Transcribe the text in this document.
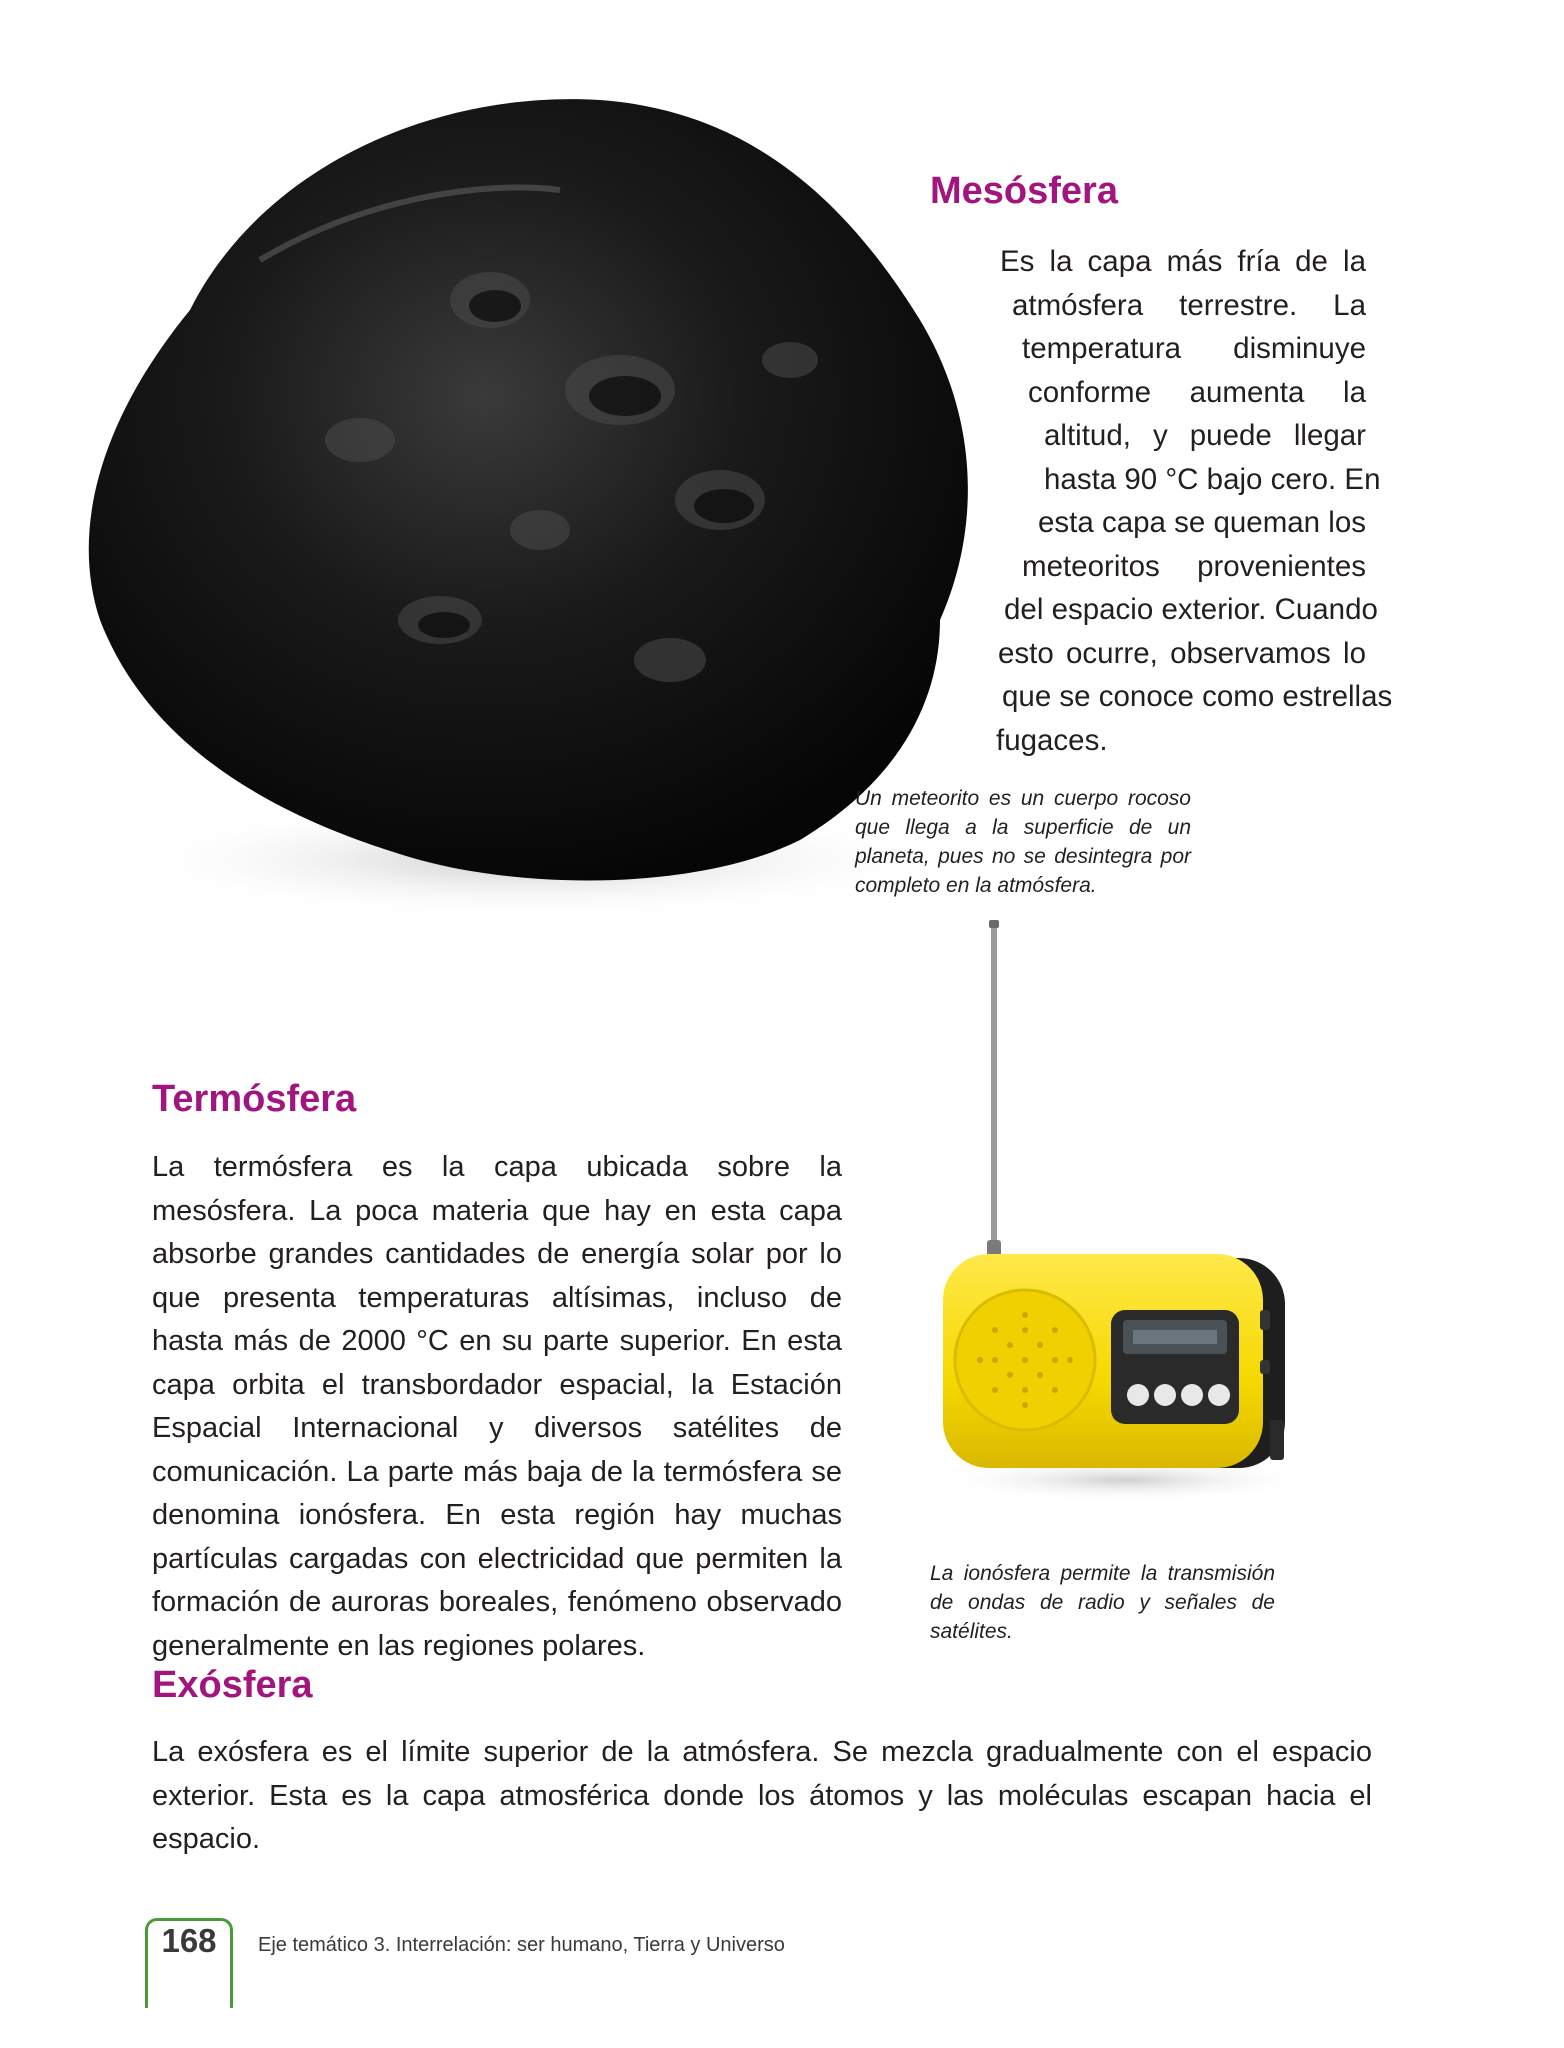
Mesósfera
Es la capa más fría de la
atmósfera terrestre. La
temperatura disminuye
conforme aumenta la
altitud, y puede llegar
hasta 90 °C bajo cero. En
esta capa se queman los
meteoritos provenientes
del espacio exterior. Cuando
esto ocurre, observamos lo
que se conoce como estrellas
fugaces.

Un meteorito es un cuerpo rocoso que llega a la superficie de un planeta, pues no se desintegra por completo en la atmósfera.

La ionósfera permite la transmisión de ondas de radio y señales de satélites.

Termósfera

La termósfera es la capa ubicada sobre la mesósfera. La poca materia que hay en esta capa absorbe grandes cantidades de energía solar por lo que presenta temperaturas altísimas, incluso de hasta más de 2000 °C en su parte superior. En esta capa orbita el transbordador espacial, la Estación Espacial Internacional y diversos satélites de comunicación. La parte más baja de la termósfera se denomina ionósfera. En esta región hay muchas partículas cargadas con electricidad que permiten la formación de auroras boreales, fenómeno observado generalmente en las regiones polares.

Exósfera

La exósfera es el límite superior de la atmósfera. Se mezcla gradualmente con el espacio exterior. Esta es la capa atmosférica donde los átomos y las moléculas escapan hacia el espacio.

168	Eje temático 3. Interrelación: ser humano, Tierra y Universo
